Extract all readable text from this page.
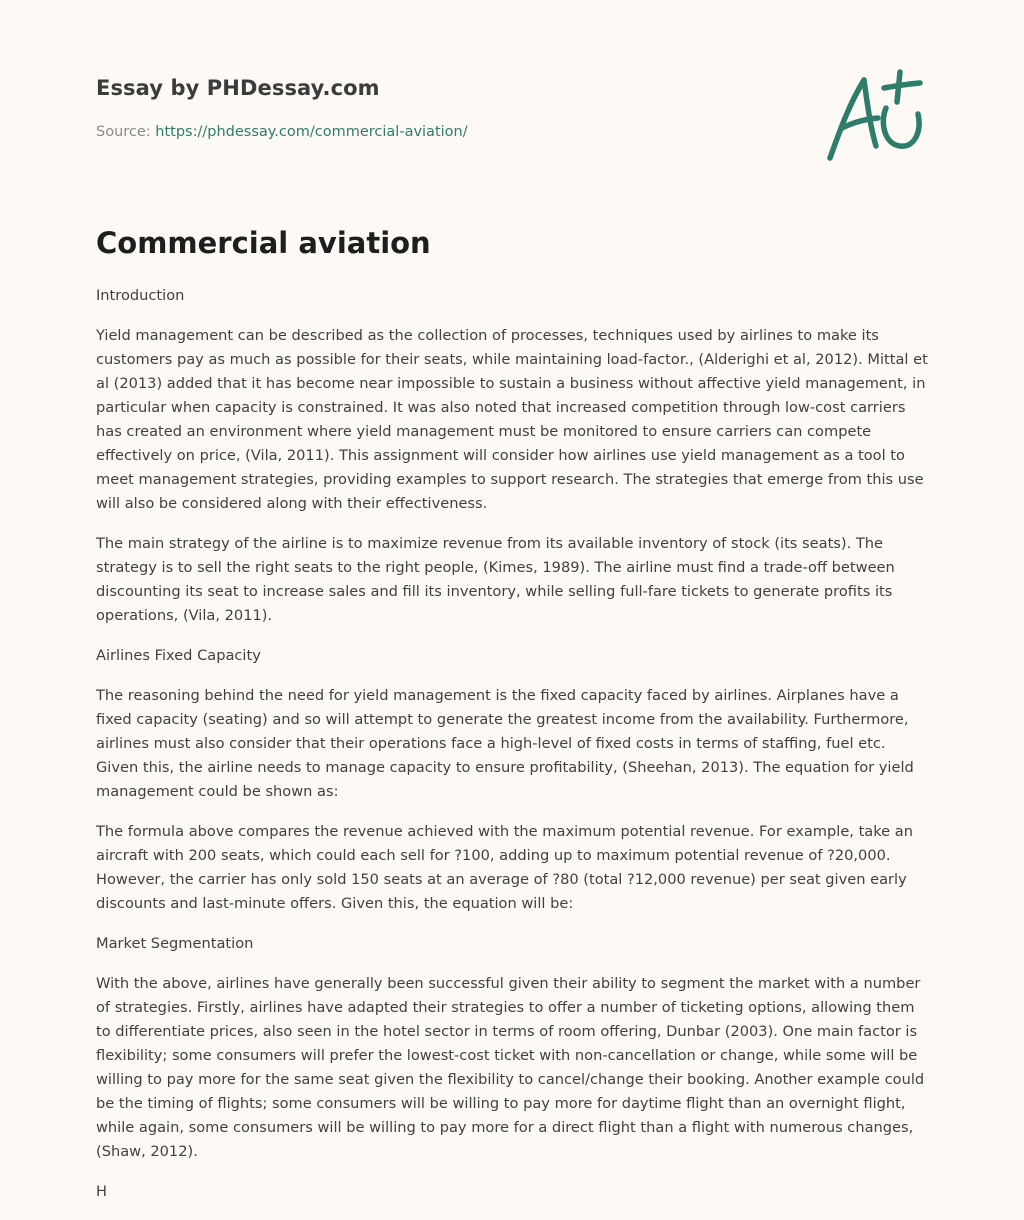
Essay by PHDessay.com
Source: https://phdessay.com/commercial-aviation/
Commercial aviation

Introduction

Yield management can be described as the collection of processes, techniques used by airlines to make its customers pay as much as possible for their seats, while maintaining load-factor., (Alderighi et al, 2012). Mittal et al (2013) added that it has become near impossible to sustain a business without affective yield management, in particular when capacity is constrained. It was also noted that increased competition through low-cost carriers has created an environment where yield management must be monitored to ensure carriers can compete effectively on price, (Vila, 2011). This assignment will consider how airlines use yield management as a tool to meet management strategies, providing examples to support research. The strategies that emerge from this use will also be considered along with their effectiveness.

The main strategy of the airline is to maximize revenue from its available inventory of stock (its seats). The strategy is to sell the right seats to the right people, (Kimes, 1989). The airline must find a trade-off between discounting its seat to increase sales and fill its inventory, while selling full-fare tickets to generate profits its operations, (Vila, 2011).

Airlines Fixed Capacity

The reasoning behind the need for yield management is the fixed capacity faced by airlines. Airplanes have a fixed capacity (seating) and so will attempt to generate the greatest income from the availability. Furthermore, airlines must also consider that their operations face a high-level of fixed costs in terms of staffing, fuel etc. Given this, the airline needs to manage capacity to ensure profitability, (Sheehan, 2013). The equation for yield management could be shown as:

The formula above compares the revenue achieved with the maximum potential revenue. For example, take an aircraft with 200 seats, which could each sell for ?100, adding up to maximum potential revenue of ?20,000. However, the carrier has only sold 150 seats at an average of ?80 (total ?12,000 revenue) per seat given early discounts and last-minute offers. Given this, the equation will be:

Market Segmentation

With the above, airlines have generally been successful given their ability to segment the market with a number of strategies. Firstly, airlines have adapted their strategies to offer a number of ticketing options, allowing them to differentiate prices, also seen in the hotel sector in terms of room offering, Dunbar (2003). One main factor is flexibility; some consumers will prefer the lowest-cost ticket with non-cancellation or change, while some will be willing to pay more for the same seat given the flexibility to cancel/change their booking. Another example could be the timing of flights; some consumers will be willing to pay more for daytime flight than an overnight flight, while again, some consumers will be willing to pay more for a direct flight than a flight with numerous changes, (Shaw, 2012).

H
